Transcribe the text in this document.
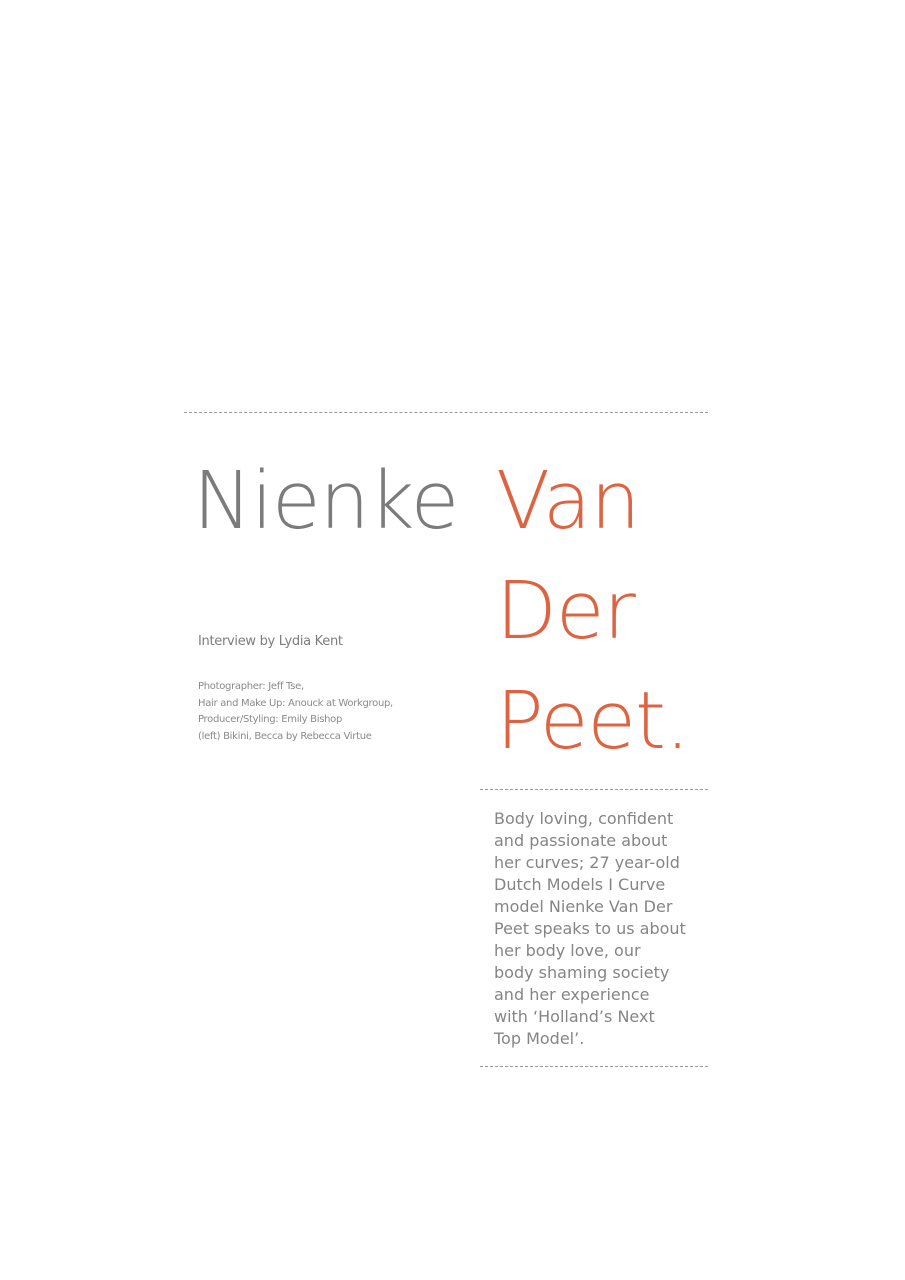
Nienke Van
Der
Peet.
Interview by Lydia Kent
Photographer: Jeff Tse,
Hair and Make Up: Anouck at Workgroup,
Producer/Styling: Emily Bishop
(left) Bikini, Becca by Rebecca Virtue
Body loving, confident
and passionate about
her curves; 27 year-old
Dutch Models I Curve
model Nienke Van Der
Peet speaks to us about
her body love, our
body shaming society
and her experience
with ‘Holland’s Next
Top Model’.
